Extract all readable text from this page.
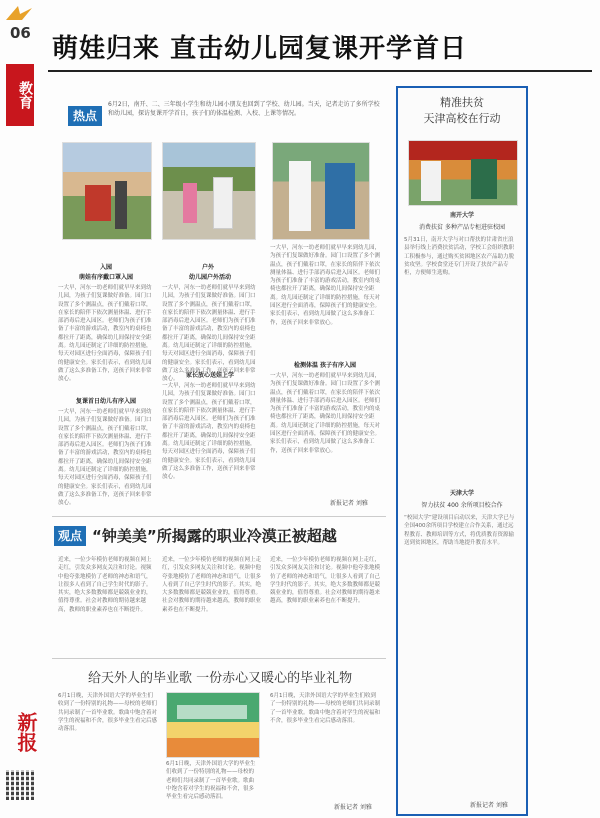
06
教育
新报
萌娃归来 直击幼儿园复课开学首日
热点
6月2日，南开、二、三年级小学生和幼儿园小朋友也回到了学校、幼儿园。当天，记者走访了多所学校和幼儿园，探访复课开学首日，孩子们的体温检测、入校、上课等情况。
入园	户外
萌娃有序戴口罩入园
一大早，河东一幼老师们就早早来到幼儿园，为孩子们复课做好准备。园门口设置了多个测温点，孩子们戴着口罩，在家长的陪伴下依次测量体温、进行手部消毒后进入园区。老师们为孩子们准备了丰富的游戏活动，教室内的桌椅也都拉开了距离，确保幼儿间保持安全距离。幼儿园还制定了详细的防控措施，每天对园区进行全面消毒，保障孩子们的健康安全。家长们表示，看到幼儿园做了这么多准备工作，送孩子回来非常放心。
复课首日幼儿有序入园
一大早，河东一幼老师们就早早来到幼儿园，为孩子们复课做好准备。园门口设置了多个测温点，孩子们戴着口罩，在家长的陪伴下依次测量体温、进行手部消毒后进入园区。老师们为孩子们准备了丰富的游戏活动，教室内的桌椅也都拉开了距离，确保幼儿间保持安全距离。幼儿园还制定了详细的防控措施，每天对园区进行全面消毒，保障孩子们的健康安全。家长们表示，看到幼儿园做了这么多准备工作，送孩子回来非常放心。
幼儿园户外活动
一大早，河东一幼老师们就早早来到幼儿园，为孩子们复课做好准备。园门口设置了多个测温点，孩子们戴着口罩，在家长的陪伴下依次测量体温、进行手部消毒后进入园区。老师们为孩子们准备了丰富的游戏活动，教室内的桌椅也都拉开了距离，确保幼儿间保持安全距离。幼儿园还制定了详细的防控措施，每天对园区进行全面消毒，保障孩子们的健康安全。家长们表示，看到幼儿园做了这么多准备工作，送孩子回来非常放心。
家长放心送娃上学
一大早，河东一幼老师们就早早来到幼儿园，为孩子们复课做好准备。园门口设置了多个测温点，孩子们戴着口罩，在家长的陪伴下依次测量体温、进行手部消毒后进入园区。老师们为孩子们准备了丰富的游戏活动，教室内的桌椅也都拉开了距离，确保幼儿间保持安全距离。幼儿园还制定了详细的防控措施，每天对园区进行全面消毒，保障孩子们的健康安全。家长们表示，看到幼儿园做了这么多准备工作，送孩子回来非常放心。
一大早，河东一幼老师们就早早来到幼儿园，为孩子们复课做好准备。园门口设置了多个测温点，孩子们戴着口罩，在家长的陪伴下依次测量体温、进行手部消毒后进入园区。老师们为孩子们准备了丰富的游戏活动，教室内的桌椅也都拉开了距离，确保幼儿间保持安全距离。幼儿园还制定了详细的防控措施，每天对园区进行全面消毒，保障孩子们的健康安全。家长们表示，看到幼儿园做了这么多准备工作，送孩子回来非常放心。
检测体温 孩子有序入园
一大早，河东一幼老师们就早早来到幼儿园，为孩子们复课做好准备。园门口设置了多个测温点，孩子们戴着口罩，在家长的陪伴下依次测量体温、进行手部消毒后进入园区。老师们为孩子们准备了丰富的游戏活动，教室内的桌椅也都拉开了距离，确保幼儿间保持安全距离。幼儿园还制定了详细的防控措施，每天对园区进行全面消毒，保障孩子们的健康安全。家长们表示，看到幼儿园做了这么多准备工作，送孩子回来非常放心。
新报记者 刘雅
观点 “钟美美”所揭露的职业冷漠正被超越
近来，一位少年模仿老师的视频在网上走红，引发众多网友关注和讨论。视频中他夸张地模仿了老师的神态和语气，让很多人看到了自己学生时代的影子。其实，绝大多数教师都是兢兢业业的，值得尊重。社会对教师的期待越来越高，教师的职业素养也在不断提升。
近来，一位少年模仿老师的视频在网上走红，引发众多网友关注和讨论。视频中他夸张地模仿了老师的神态和语气，让很多人看到了自己学生时代的影子。其实，绝大多数教师都是兢兢业业的，值得尊重。社会对教师的期待越来越高，教师的职业素养也在不断提升。
近来，一位少年模仿老师的视频在网上走红，引发众多网友关注和讨论。视频中他夸张地模仿了老师的神态和语气，让很多人看到了自己学生时代的影子。其实，绝大多数教师都是兢兢业业的，值得尊重。社会对教师的期待越来越高，教师的职业素养也在不断提升。
给天外人的毕业歌 一份赤心又暖心的毕业礼物
6月1日晚，天津外国语大学的毕业生们收到了一份特别的礼物——母校的老师们共同录制了一首毕业歌。歌曲中饱含着对学生的祝福和不舍，很多毕业生看完后感动落泪。
6月1日晚，天津外国语大学的毕业生们收到了一份特别的礼物——母校的老师们共同录制了一首毕业歌。歌曲中饱含着对学生的祝福和不舍，很多毕业生看完后感动落泪。
6月1日晚，天津外国语大学的毕业生们收到了一份特别的礼物——母校的老师们共同录制了一首毕业歌。歌曲中饱含着对学生的祝福和不舍，很多毕业生看完后感动落泪。
新报记者 刘雅
精准扶贫
天津高校在行动
南开大学
消费扶贫 多种产品专柜进驻校园
5月31日，南开大学与对口帮扶的甘肃省庄浪县举行线上消费扶贫活动，学校工会组织教职工积极参与，通过购买贫困地区农产品助力脱贫攻坚。学校食堂还专门开设了扶贫产品专柜，方便师生选购。
天津大学
智力扶贫 400 余所项目校合作
“校园大学”建设项目启动以来，天津大学已与全国400余所项目学校建立合作关系，通过远程教育、教师培训等方式，将优质教育资源输送到贫困地区，帮助当地提升教育水平。
新报记者 刘雅
